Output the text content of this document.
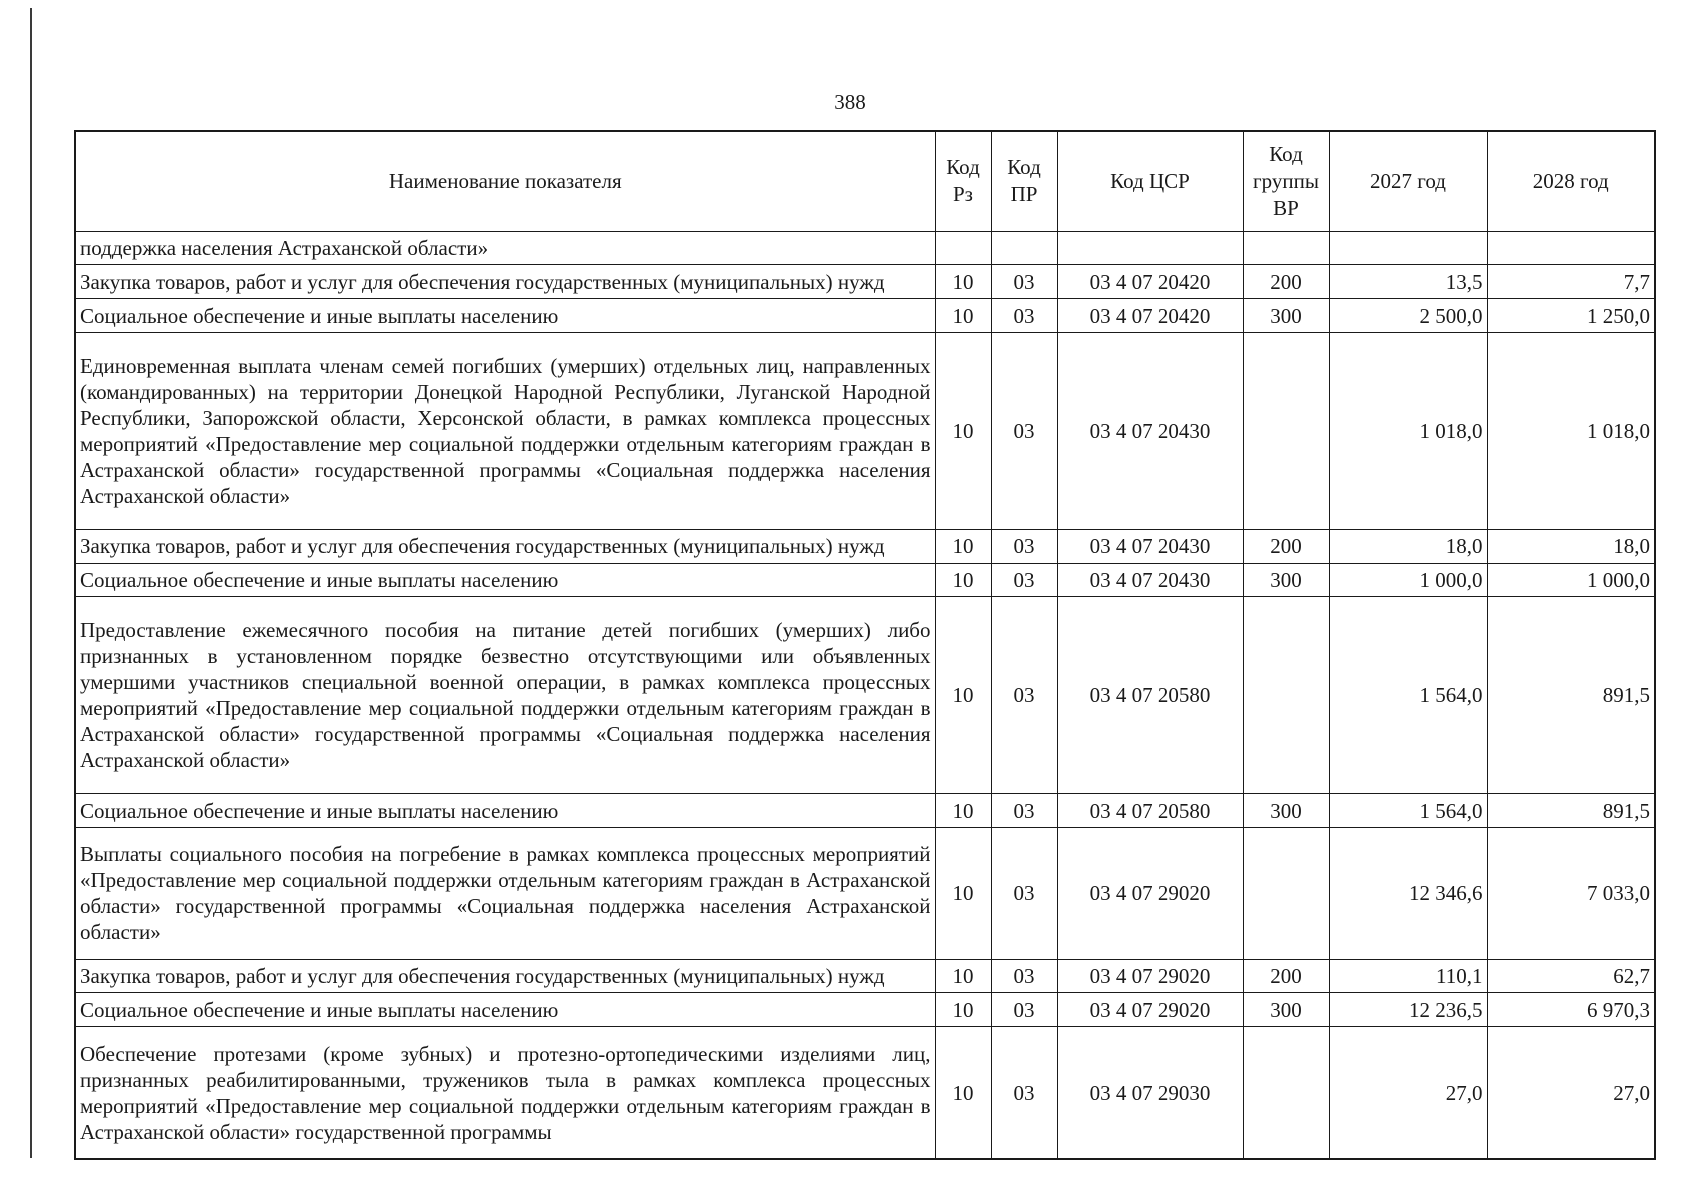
388
Наименование показателя	Код Рз	Код ПР	Код ЦСР	Код группы ВР	2027 год	2028 год
поддержка населения Астраханской области»						
Закупка товаров, работ и услуг для обеспечения государственных (муниципальных) нужд	10	03	03 4 07 20420	200	13,5	7,7
Социальное обеспечение и иные выплаты населению	10	03	03 4 07 20420	300	2 500,0	1 250,0
Единовременная выплата членам семей погибших (умерших) отдельных лиц, направленных (командированных) на территории Донецкой Народной Республики, Луганской Народной Республики, Запорожской области, Херсонской области, в рамках комплекса процессных мероприятий «Предоставление мер социальной поддержки отдельным категориям граждан в Астраханской области» государственной программы «Социальная поддержка населения Астраханской области»	10	03	03 4 07 20430		1 018,0	1 018,0
Закупка товаров, работ и услуг для обеспечения государственных (муниципальных) нужд	10	03	03 4 07 20430	200	18,0	18,0
Социальное обеспечение и иные выплаты населению	10	03	03 4 07 20430	300	1 000,0	1 000,0
Предоставление ежемесячного пособия на питание детей погибших (умерших) либо признанных в установленном порядке безвестно отсутствующими или объявленных умершими участников специальной военной операции, в рамках комплекса процессных мероприятий «Предоставление мер социальной поддержки отдельным категориям граждан в Астраханской области» государственной программы «Социальная поддержка населения Астраханской области»	10	03	03 4 07 20580		1 564,0	891,5
Социальное обеспечение и иные выплаты населению	10	03	03 4 07 20580	300	1 564,0	891,5
Выплаты социального пособия на погребение в рамках комплекса процессных мероприятий «Предоставление мер социальной поддержки отдельным категориям граждан в Астраханской области» государственной программы «Социальная поддержка населения Астраханской области»	10	03	03 4 07 29020		12 346,6	7 033,0
Закупка товаров, работ и услуг для обеспечения государственных (муниципальных) нужд	10	03	03 4 07 29020	200	110,1	62,7
Социальное обеспечение и иные выплаты населению	10	03	03 4 07 29020	300	12 236,5	6 970,3
Обеспечение протезами (кроме зубных) и протезно-ортопедическими изделиями лиц, признанных реабилитированными, тружеников тыла в рамках комплекса процессных мероприятий «Предоставление мер социальной поддержки отдельным категориям граждан в Астраханской области» государственной программы	10	03	03 4 07 29030		27,0	27,0
